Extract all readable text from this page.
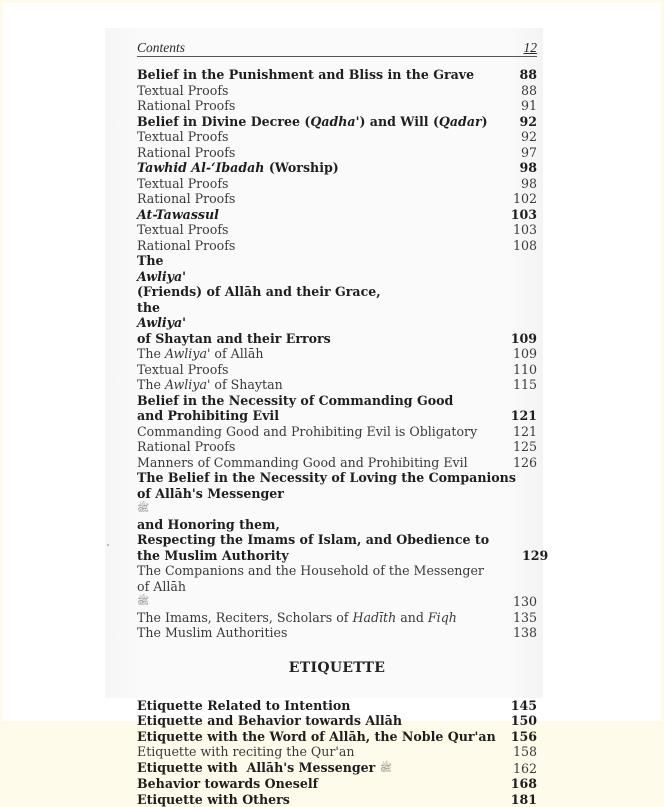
Contents	12
Belief in the Punishment and Bliss in the Grave	88
Textual Proofs	88
Rational Proofs	91
Belief in Divine Decree (Qadha') and Will (Qadar)	92
Textual Proofs	92
Rational Proofs	97
Tawhid Al-‘Ibadah (Worship)	98
Textual Proofs	98
Rational Proofs	102
At-Tawassul	103
Textual Proofs	103
Rational Proofs	108
The
Awliya'
(Friends) of Allāh and their Grace,
the
Awliya'
of Shaytan and their Errors	109
The Awliya' of Allāh	109
Textual Proofs	110
The Awliya' of Shaytan	115
Belief in the Necessity of Commanding Good
and Prohibiting Evil	121
Commanding Good and Prohibiting Evil is Obligatory	121
Rational Proofs	125
Manners of Commanding Good and Prohibiting Evil	126
The Belief in the Necessity of Loving the Companions
of Allāh's Messenger
ﷺ
and Honoring them,
Respecting the Imams of Islam, and Obedience to
the Muslim Authority	129
The Companions and the Household of the Messenger
of Allāh
ﷺ	130
The Imams, Reciters, Scholars of Hadīth and Fiqh	135
The Muslim Authorities	138
ETIQUETTE
Etiquette Related to Intention	145
Etiquette and Behavior towards Allāh	150
Etiquette with the Word of Allāh, the Noble Qur'an	156
Etiquette with reciting the Qur'an	158
Etiquette with  Allāh's Messenger ﷺ	162
Behavior towards Oneself	168
Etiquette with Others	181
